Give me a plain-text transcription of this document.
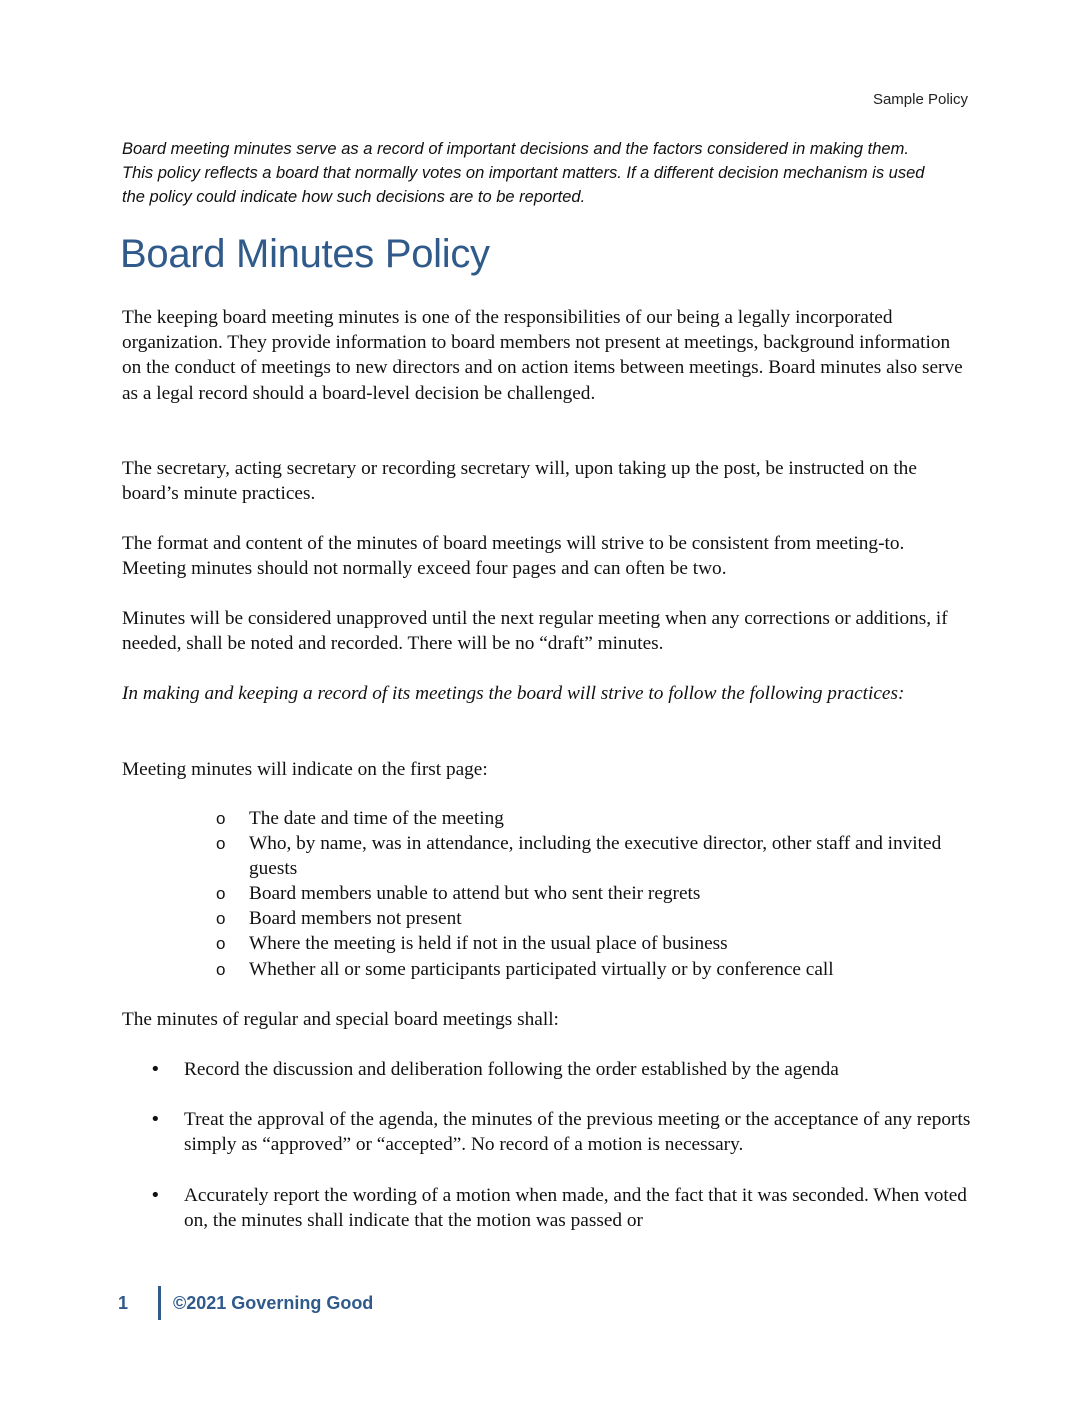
Sample Policy

Board meeting minutes serve as a record of important decisions and the factors considered in making them. This policy reflects a board that normally votes on important matters. If a different decision mechanism is used the policy could indicate how such decisions are to be reported.

Board Minutes Policy

The keeping board meeting minutes is one of the responsibilities of our being a legally incorporated organization. They provide information to board members not present at meetings, background information on the conduct of meetings to new directors and on action items between meetings. Board minutes also serve as a legal record should a board-level decision be challenged.

The secretary, acting secretary or recording secretary will, upon taking up the post, be instructed on the board’s minute practices.

The format and content of the minutes of board meetings will strive to be consistent from meeting-to. Meeting minutes should not normally exceed four pages and can often be two.

Minutes will be considered unapproved until the next regular meeting when any corrections or additions, if needed, shall be noted and recorded. There will be no “draft” minutes.

In making and keeping a record of its meetings the board will strive to follow the following practices:

Meeting minutes will indicate on the first page:

o The date and time of the meeting
o Who, by name, was in attendance, including the executive director, other staff and invited guests
o Board members unable to attend but who sent their regrets
o Board members not present
o Where the meeting is held if not in the usual place of business
o Whether all or some participants participated virtually or by conference call

The minutes of regular and special board meetings shall:

• Record the discussion and deliberation following the order established by the agenda
• Treat the approval of the agenda, the minutes of the previous meeting or the acceptance of any reports simply as “approved” or “accepted”. No record of a motion is necessary.
• Accurately report the wording of a motion when made, and the fact that it was seconded. When voted on, the minutes shall indicate that the motion was passed or
1	©2021 Governing Good
